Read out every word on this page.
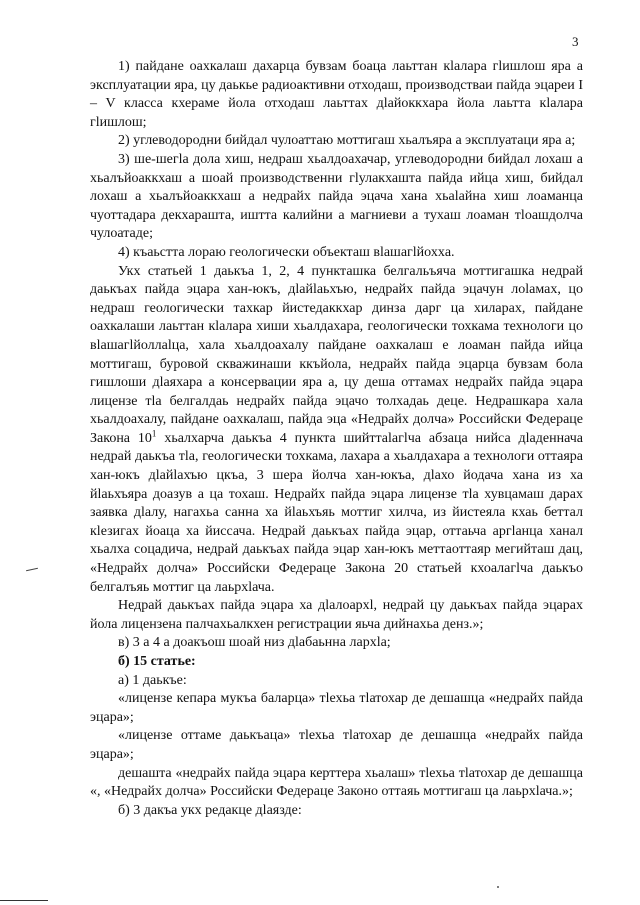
3

1) пайдане оахкалаш дахарца бувзам боаца лаьттан кlалара гlишлош яра а эксплуатации яра, цу даькье радиоактивни отходаш, производстваи пайда эцареи I – V класса кхераме йола отходаш лаьттах дlайоккхара йола лаьтта кlалара гlишлош;

2) углеводородни бийдал чулоаттаю моттигаш хьалъяра а эксплуатаци яра а;

3) ше-шегlа дола хиш, недраш хьалдоахачар, углеводородни бийдал лохаш а хьалъйоаккхаш а шоай производственни гlулакхашта пайда ийца хиш, бийдал лохаш а хьалъйоаккхаш а недрайх пайда эцача хана хьаlайна хиш лоаманца чуоттадара декхарашта, иштта калийни а магниеви а тухаш лоаман тlоашдолча чулоатаде;

4) къаьстта лораю геологически объекташ вlашагlйоххa.

Укх статьей 1 даькъа 1, 2, 4 пункташка белгальъяча моттигашка недрай даькъах пайда эцара хан-юкъ, дlайlаьхъю, недрайх пайда эцачун лоlамах, цо недраш геологически тахкар йистедаккхар динза дарг ца хиларах, пайдане оахкалаши лаьттан кlалара хиши хьалдахара, геологически тохкама технологи цо вlашагlйоллаlца, хала хьалдоахалу пайдане оахкалаш е лоаман пайда ийца моттигаш, буровой скважинаши ккъйола, недрайх пайда эцарца бувзам бола гишлоши дlаяхара а консервации яра а, цу деша оттамах недрайх пайда эцара лицензе тlа белгалдаь недрайх пайда эцачо толхадаь деце. Недрашкара хала хьалдоахалу, пайдане оахкалаш, пайда эца «Недрайх долча» Российски Федераце Закона $10^1$ хьалхарча даькъа 4 пункта шийттаlагlча абзаца нийса дlаденнача недрай даькъа тlа, геологически тохкама, лахара а хьалдахара а технологи оттаяра хан-юкъ дlайlахъю цкъа, 3 шера йолча хан-юкъа, дlахо йодача хана из ха йlаьхъяра доазув а ца тохаш. Недрайх пайда эцара лицензе тlа хувцамаш дарах заявка дlалу, нагахьа санна ха йlаьхъяь моттиг хилча, из йистеяла кхаь беттал кlезигах йоаца ха йиссача. Недрай даькъах пайда эцар, оттаьча аргlанца ханал хьалха соцадича, недрай даькъах пайда эцар хан-юкъ меттаоттаяр мегийташ дац, «Недрайх долча» Российски Федераце Закона 20 статьей кхоалагlча даькъо белгалъяь моттиг ца лаьрхlача.

Недрай даькъах пайда эцара ха дlалоархl, недрай цу даькъах пайда эцарах йола лицензена палчахьалкхен регистрации яьча дийнахьа денз.»;

в) 3 а 4 а доакъош шоай низ дlабаьнна лархlа;

б) 15 статье:

а) 1 даькъе:

«лицензе кепара мукъа баларца» тlехьа тlатохар де дешашца «недрайх пайда эцара»;

«лицензе оттаме даькъаца» тlехьа тlатохар де дешашца «недрайх пайда эцара»;

дешашта «недрайх пайда эцара керттера хьалаш» тlехьа тlатохар де дешашца «, «Недрайх долча» Российски Федераце Законо оттаяь моттигаш ца лаьрхlача.»;

б) 3 дакъа укх редакце дlаязде:
